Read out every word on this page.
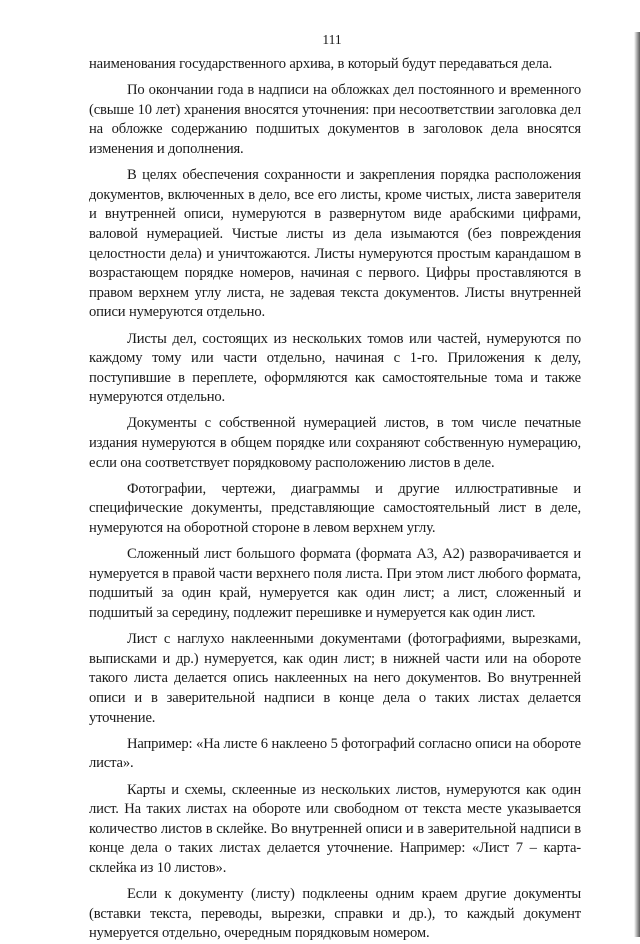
111

наименования государственного архива, в который будут передаваться дела.

По окончании года в надписи на обложках дел постоянного и временного (свыше 10 лет) хранения вносятся уточнения: при несоответствии заголовка дел на обложке содержанию подшитых документов в заголовок дела вносятся изменения и дополнения.

В целях обеспечения сохранности и закрепления порядка расположения документов, включенных в дело, все его листы, кроме чистых, листа заверителя и внутренней описи, нумеруются в развернутом виде арабскими цифрами, валовой нумерацией. Чистые листы из дела изымаются (без повреждения целостности дела) и уничтожаются. Листы нумеруются простым карандашом в возрастающем порядке номеров, начиная с первого. Цифры проставляются в правом верхнем углу листа, не задевая текста документов. Листы внутренней описи нумеруются отдельно.

Листы дел, состоящих из нескольких томов или частей, нумеруются по каждому тому или части отдельно, начиная с 1-го. Приложения к делу, поступившие в переплете, оформляются как самостоятельные тома и также нумеруются отдельно.

Документы с собственной нумерацией листов, в том числе печатные издания нумеруются в общем порядке или сохраняют собственную нумерацию, если она соответствует порядковому расположению листов в деле.

Фотографии, чертежи, диаграммы и другие иллюстративные и специфические документы, представляющие самостоятельный лист в деле, нумеруются на оборотной стороне в левом верхнем углу.

Сложенный лист большого формата (формата А3, А2) разворачивается и нумеруется в правой части верхнего поля листа. При этом лист любого формата, подшитый за один край, нумеруется как один лист; а лист, сложенный и подшитый за середину, подлежит перешивке и нумеруется как один лист.

Лист с наглухо наклеенными документами (фотографиями, вырезками, выписками и др.) нумеруется, как один лист; в нижней части или на обороте такого листа делается опись наклеенных на него документов. Во внутренней описи и в заверительной надписи в конце дела о таких листах делается уточнение.

Например: «На листе 6 наклеено 5 фотографий согласно описи на обороте листа».

Карты и схемы, склеенные из нескольких листов, нумеруются как один лист. На таких листах на обороте или свободном от текста месте указывается количество листов в склейке. Во внутренней описи и в заверительной надписи в конце дела о таких листах делается уточнение. Например: «Лист 7 – карта-склейка из 10 листов».

Если к документу (листу) подклеены одним краем другие документы (вставки текста, переводы, вырезки, справки и др.), то каждый документ нумеруется отдельно, очередным порядковым номером.
